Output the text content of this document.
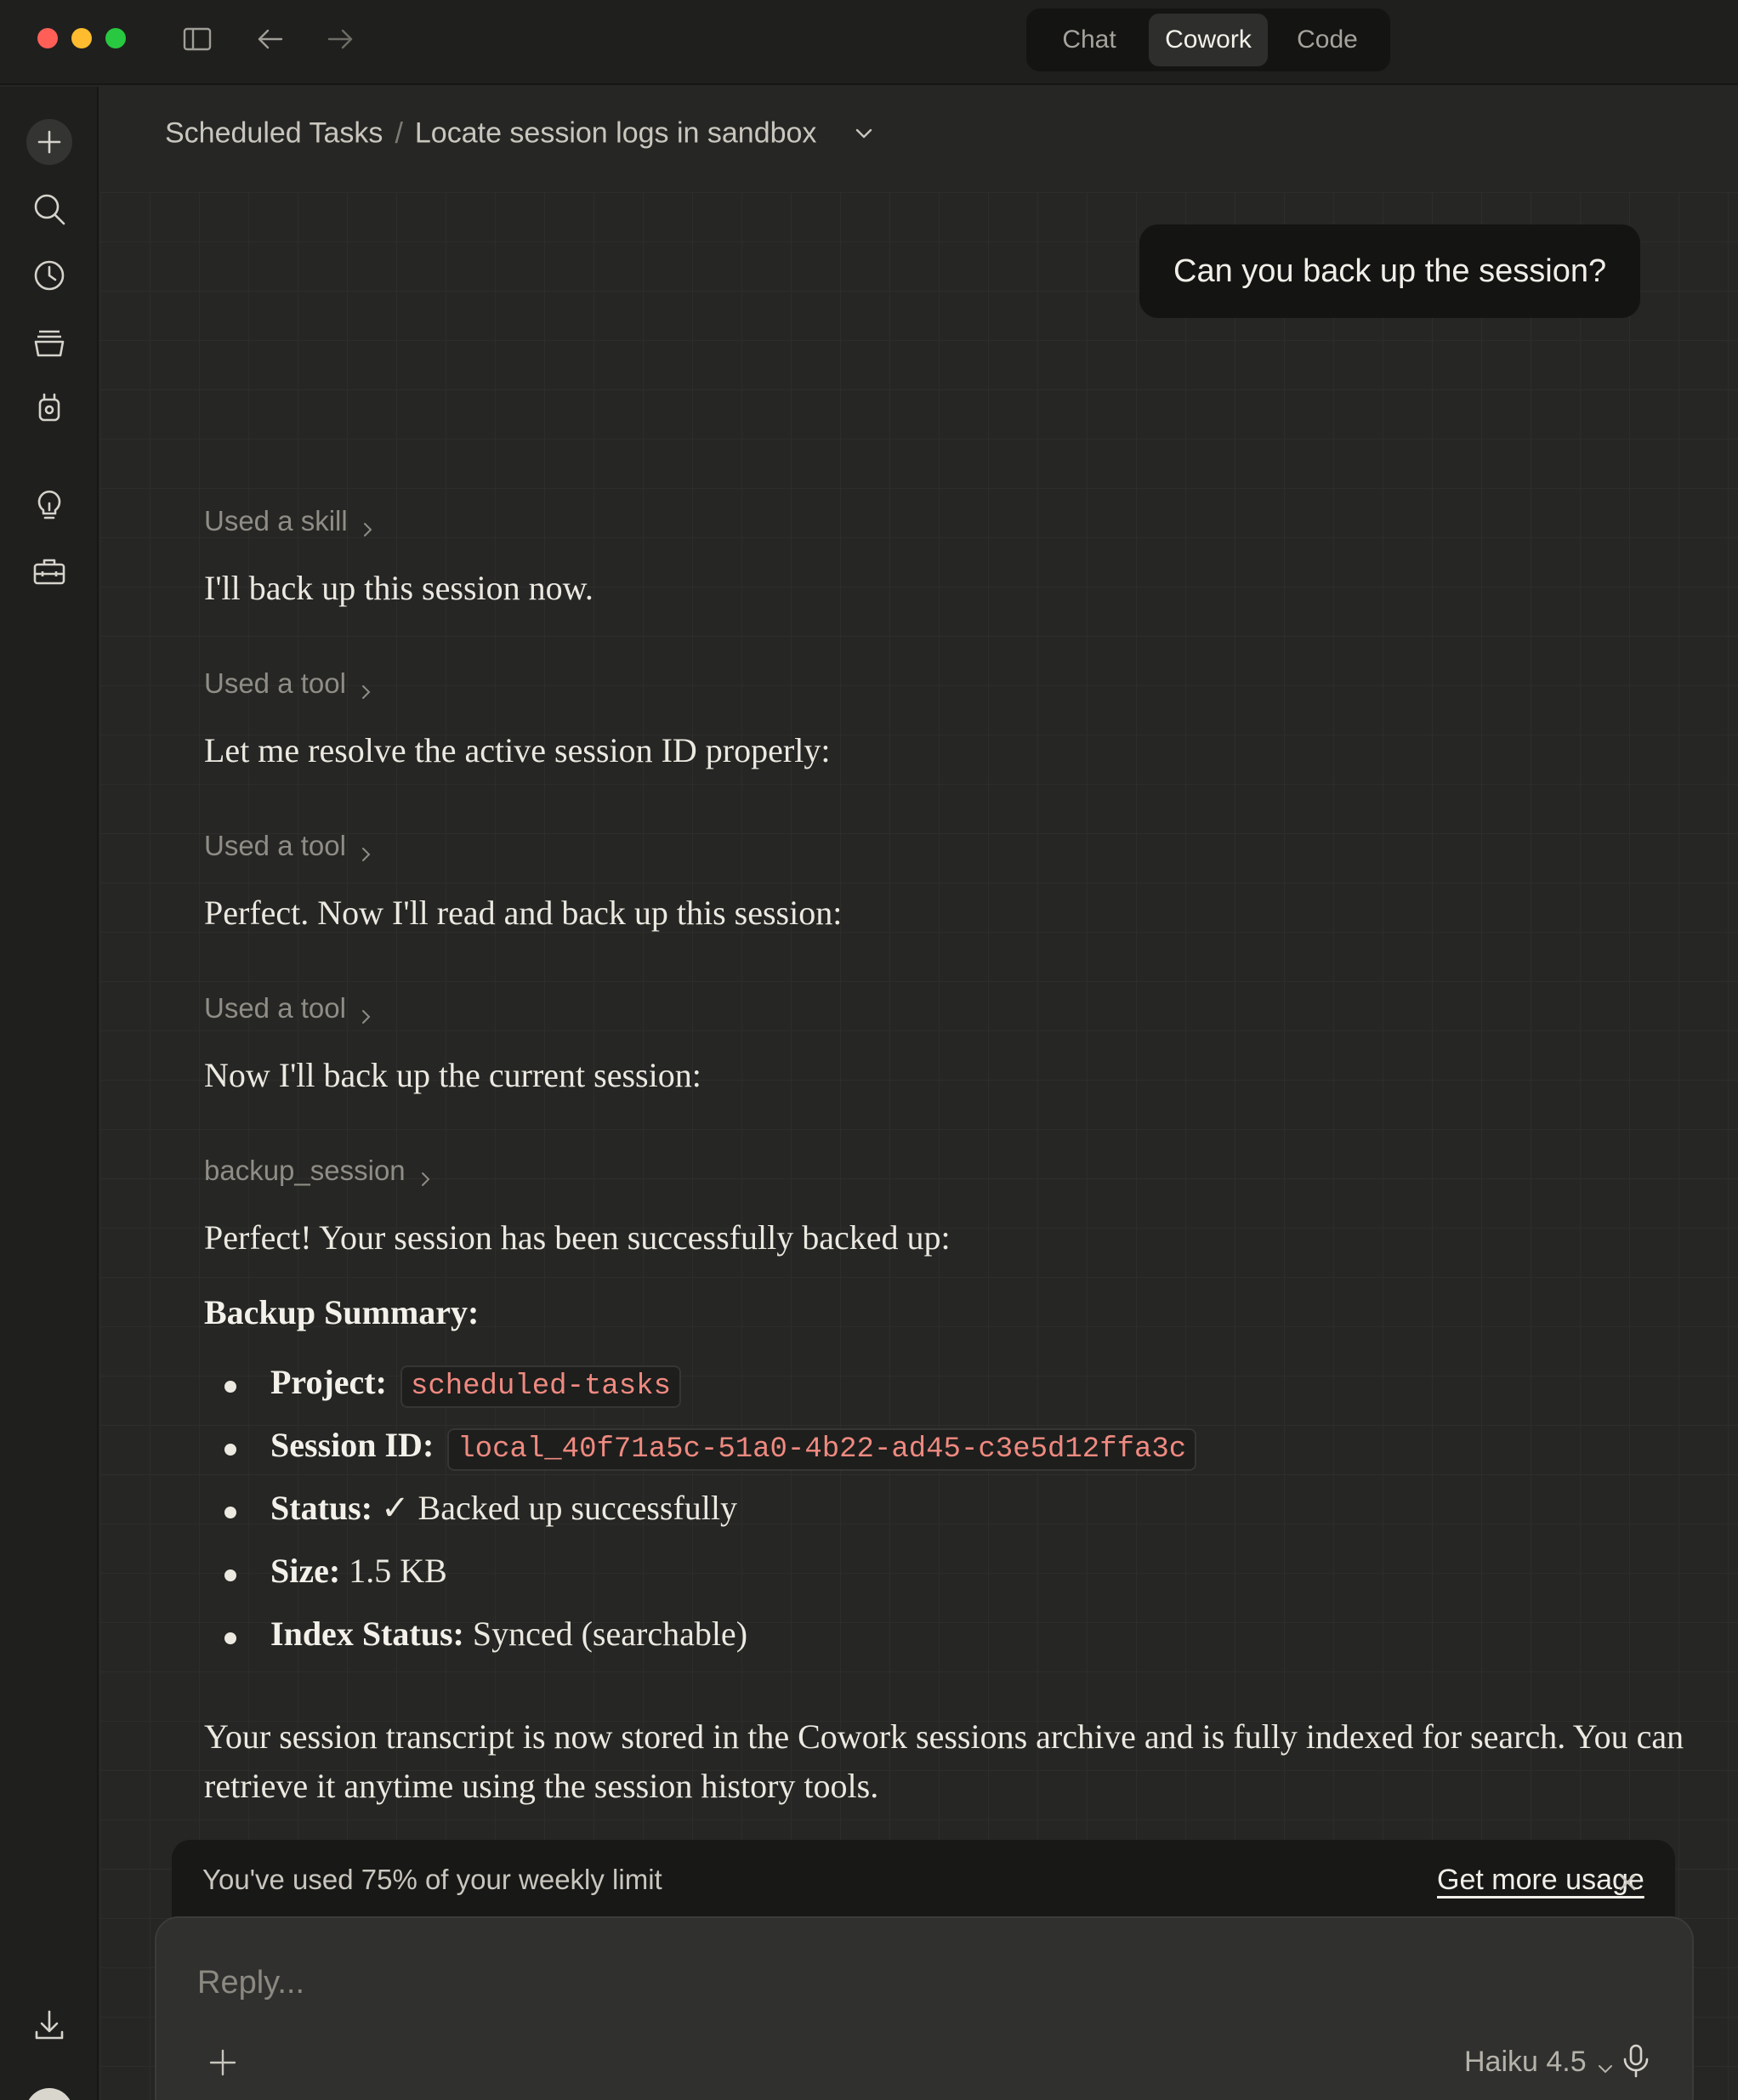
Chat	Cowork	Code
Scheduled Tasks / Locate session logs in sandbox
Can you back up the session?
Used a skill
I'll back up this session now.
Used a tool
Let me resolve the active session ID properly:
Used a tool
Perfect. Now I'll read and back up this session:
Used a tool
Now I'll back up the current session:
backup_session
Perfect! Your session has been successfully backed up:
Backup Summary:
Project: scheduled-tasks
Session ID: local_40f71a5c-51a0-4b22-ad45-c3e5d12ffa3c
Status: ✓ Backed up successfully
Size: 1.5 KB
Index Status: Synced (searchable)
Your session transcript is now stored in the Cowork sessions archive and is fully indexed for search. You can retrieve it anytime using the session history tools.
You've used 75% of your weekly limit	Get more usage
Reply...
Haiku 4.5
